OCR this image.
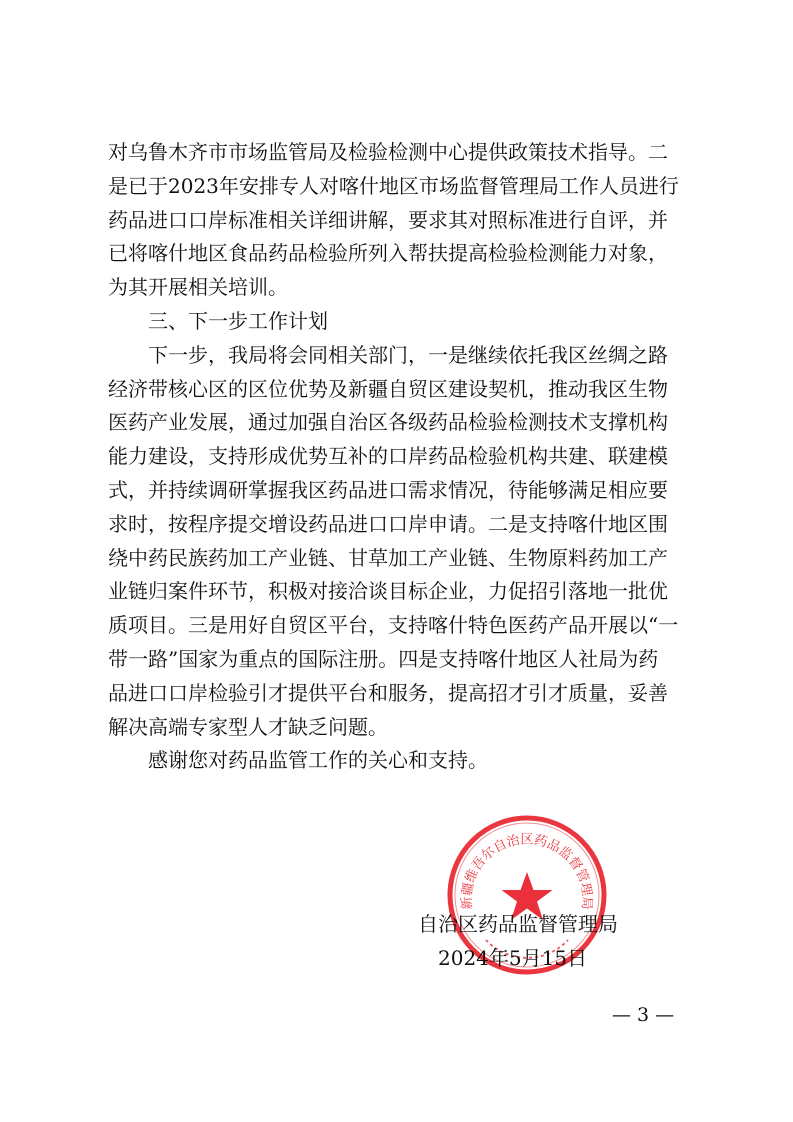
对乌鲁木齐市市场监管局及检验检测中心提供政策技术指导。二
是已于2023年安排专人对喀什地区市场监督管理局工作人员进行
药品进口口岸标准相关详细讲解，要求其对照标准进行自评，并
已将喀什地区食品药品检验所列入帮扶提高检验检测能力对象，
为其开展相关培训。

三、下一步工作计划

下一步，我局将会同相关部门，一是继续依托我区丝绸之路
经济带核心区的区位优势及新疆自贸区建设契机，推动我区生物
医药产业发展，通过加强自治区各级药品检验检测技术支撑机构
能力建设，支持形成优势互补的口岸药品检验机构共建、联建模
式，并持续调研掌握我区药品进口需求情况，待能够满足相应要
求时，按程序提交增设药品进口口岸申请。二是支持喀什地区围
绕中药民族药加工产业链、甘草加工产业链、生物原料药加工产
业链归案件环节，积极对接洽谈目标企业，力促招引落地一批优
质项目。三是用好自贸区平台，支持喀什特色医药产品开展以“一
带一路”国家为重点的国际注册。四是支持喀什地区人社局为药
品进口口岸检验引才提供平台和服务，提高招才引才质量，妥善
解决高端专家型人才缺乏问题。

感谢您对药品监管工作的关心和支持。

新疆维吾尔自治区药品监督管理局
自治区药品监督管理局
2024年5月15日
— 3 —
